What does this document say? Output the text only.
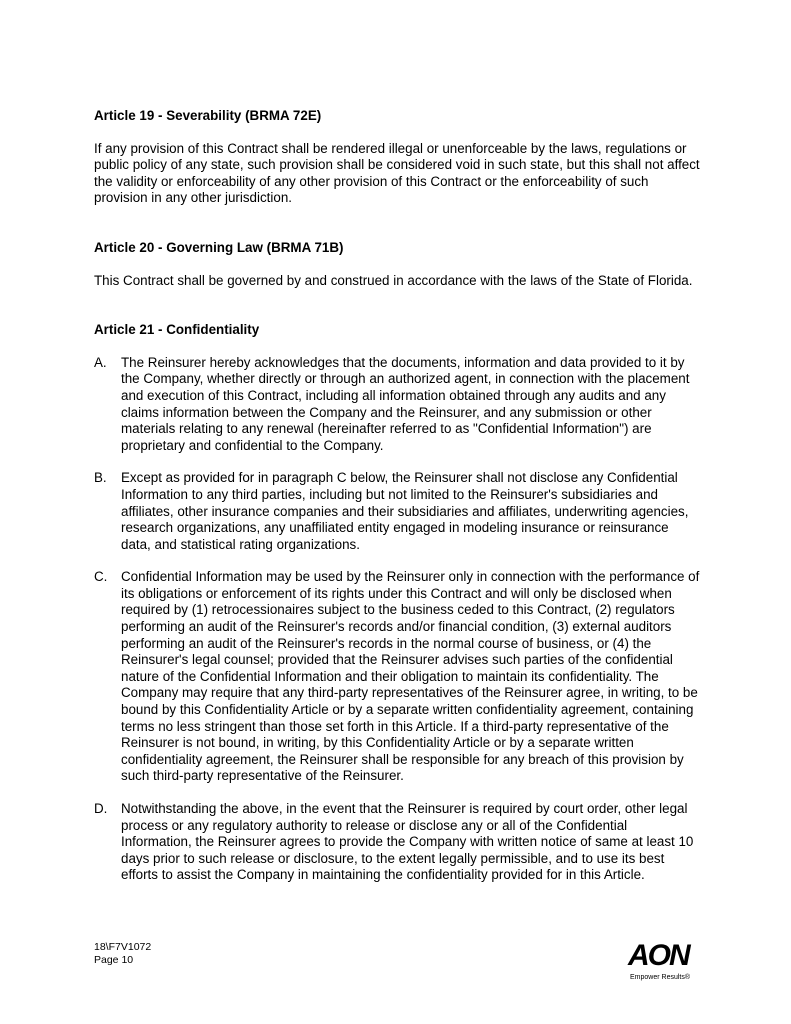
Article 19 - Severability (BRMA 72E)

If any provision of this Contract shall be rendered illegal or unenforceable by the laws, regulations or public policy of any state, such provision shall be considered void in such state, but this shall not affect the validity or enforceability of any other provision of this Contract or the enforceability of such provision in any other jurisdiction.

Article 20 - Governing Law (BRMA 71B)

This Contract shall be governed by and construed in accordance with the laws of the State of Florida.

Article 21 - Confidentiality
A.	The Reinsurer hereby acknowledges that the documents, information and data provided to it by the Company, whether directly or through an authorized agent, in connection with the placement and execution of this Contract, including all information obtained through any audits and any claims information between the Company and the Reinsurer, and any submission or other materials relating to any renewal (hereinafter referred to as "Confidential Information") are proprietary and confidential to the Company.
B.	Except as provided for in paragraph C below, the Reinsurer shall not disclose any Confidential Information to any third parties, including but not limited to the Reinsurer's subsidiaries and affiliates, other insurance companies and their subsidiaries and affiliates, underwriting agencies, research organizations, any unaffiliated entity engaged in modeling insurance or reinsurance data, and statistical rating organizations.
C.	Confidential Information may be used by the Reinsurer only in connection with the performance of its obligations or enforcement of its rights under this Contract and will only be disclosed when required by (1) retrocessionaires subject to the business ceded to this Contract, (2) regulators performing an audit of the Reinsurer's records and/or financial condition, (3) external auditors performing an audit of the Reinsurer's records in the normal course of business, or (4) the Reinsurer's legal counsel; provided that the Reinsurer advises such parties of the confidential nature of the Confidential Information and their obligation to maintain its confidentiality. The Company may require that any third-party representatives of the Reinsurer agree, in writing, to be bound by this Confidentiality Article or by a separate written confidentiality agreement, containing terms no less stringent than those set forth in this Article. If a third-party representative of the Reinsurer is not bound, in writing, by this Confidentiality Article or by a separate written confidentiality agreement, the Reinsurer shall be responsible for any breach of this provision by such third-party representative of the Reinsurer.
D.	Notwithstanding the above, in the event that the Reinsurer is required by court order, other legal process or any regulatory authority to release or disclose any or all of the Confidential Information, the Reinsurer agrees to provide the Company with written notice of same at least 10 days prior to such release or disclosure, to the extent legally permissible, and to use its best efforts to assist the Company in maintaining the confidentiality provided for in this Article.
18\F7V1072
Page 10	AON
Empower Results®
